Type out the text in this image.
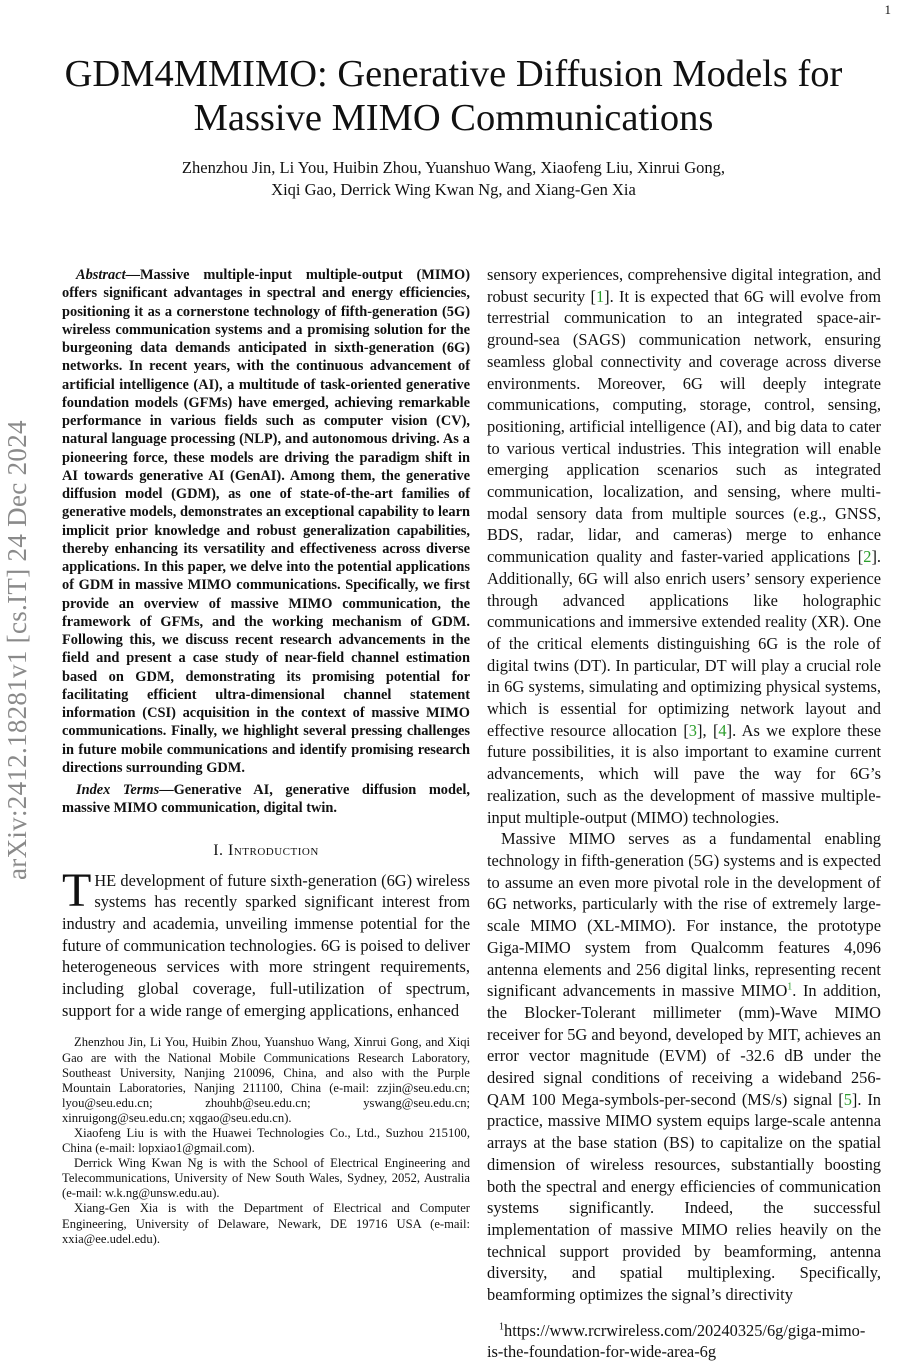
1
arXiv:2412.18281v1 [cs.IT] 24 Dec 2024
GDM4MMIMO: Generative Diffusion Models for Massive MIMO Communications
Zhenzhou Jin, Li You, Huibin Zhou, Yuanshuo Wang, Xiaofeng Liu, Xinrui Gong,
Xiqi Gao, Derrick Wing Kwan Ng, and Xiang-Gen Xia

Abstract—Massive multiple-input multiple-output (MIMO) offers significant advantages in spectral and energy efficiencies, positioning it as a cornerstone technology of fifth-generation (5G) wireless communication systems and a promising solution for the burgeoning data demands anticipated in sixth-generation (6G) networks. In recent years, with the continuous advancement of artificial intelligence (AI), a multitude of task-oriented generative foundation models (GFMs) have emerged, achieving remarkable performance in various fields such as computer vision (CV), natural language processing (NLP), and autonomous driving. As a pioneering force, these models are driving the paradigm shift in AI towards generative AI (GenAI). Among them, the generative diffusion model (GDM), as one of state-of-the-art families of generative models, demonstrates an exceptional capability to learn implicit prior knowledge and robust generalization capabilities, thereby enhancing its versatility and effectiveness across diverse applications. In this paper, we delve into the potential applications of GDM in massive MIMO communications. Specifically, we first provide an overview of massive MIMO communication, the framework of GFMs, and the working mechanism of GDM. Following this, we discuss recent research advancements in the field and present a case study of near-field channel estimation based on GDM, demonstrating its promising potential for facilitating efficient ultra-dimensional channel statement information (CSI) acquisition in the context of massive MIMO communications. Finally, we highlight several pressing challenges in future mobile communications and identify promising research directions surrounding GDM.

Index Terms—Generative AI, generative diffusion model, massive MIMO communication, digital twin.

I. Introduction

THE development of future sixth-generation (6G) wireless systems has recently sparked significant interest from industry and academia, unveiling immense potential for the future of communication technologies. 6G is poised to deliver heterogeneous services with more stringent requirements, including global coverage, full-utilization of spectrum, support for a wide range of emerging applications, enhanced

Zhenzhou Jin, Li You, Huibin Zhou, Yuanshuo Wang, Xinrui Gong, and Xiqi Gao are with the National Mobile Communications Research Laboratory, Southeast University, Nanjing 210096, China, and also with the Purple Mountain Laboratories, Nanjing 211100, China (e-mail: zzjin@seu.edu.cn; lyou@seu.edu.cn; zhouhb@seu.edu.cn; yswang@seu.edu.cn; xinruigong@seu.edu.cn; xqgao@seu.edu.cn).

Xiaofeng Liu is with the Huawei Technologies Co., Ltd., Suzhou 215100, China (e-mail: lopxiao1@gmail.com).

Derrick Wing Kwan Ng is with the School of Electrical Engineering and Telecommunications, University of New South Wales, Sydney, 2052, Australia (e-mail: w.k.ng@unsw.edu.au).

Xiang-Gen Xia is with the Department of Electrical and Computer Engineering, University of Delaware, Newark, DE 19716 USA (e-mail: xxia@ee.udel.edu).

sensory experiences, comprehensive digital integration, and robust security [1]. It is expected that 6G will evolve from terrestrial communication to an integrated space-air-ground-sea (SAGS) communication network, ensuring seamless global connectivity and coverage across diverse environments. Moreover, 6G will deeply integrate communications, computing, storage, control, sensing, positioning, artificial intelligence (AI), and big data to cater to various vertical industries. This integration will enable emerging application scenarios such as integrated communication, localization, and sensing, where multi-modal sensory data from multiple sources (e.g., GNSS, BDS, radar, lidar, and cameras) merge to enhance communication quality and faster-varied applications [2]. Additionally, 6G will also enrich users’ sensory experience through advanced applications like holographic communications and immersive extended reality (XR). One of the critical elements distinguishing 6G is the role of digital twins (DT). In particular, DT will play a crucial role in 6G systems, simulating and optimizing physical systems, which is essential for optimizing network layout and effective resource allocation [3], [4]. As we explore these future possibilities, it is also important to examine current advancements, which will pave the way for 6G’s realization, such as the development of massive multiple-input multiple-output (MIMO) technologies.

Massive MIMO serves as a fundamental enabling technology in fifth-generation (5G) systems and is expected to assume an even more pivotal role in the development of 6G networks, particularly with the rise of extremely large-scale MIMO (XL-MIMO). For instance, the prototype Giga-MIMO system from Qualcomm features 4,096 antenna elements and 256 digital links, representing recent significant advancements in massive MIMO$^1$. In addition, the Blocker-Tolerant millimeter (mm)-Wave MIMO receiver for 5G and beyond, developed by MIT, achieves an error vector magnitude (EVM) of -32.6 dB under the desired signal conditions of receiving a wideband 256-QAM 100 Mega-symbols-per-second (MS/s) signal [5]. In practice, massive MIMO system equips large-scale antenna arrays at the base station (BS) to capitalize on the spatial dimension of wireless resources, substantially boosting both the spectral and energy efficiencies of communication systems significantly. Indeed, the successful implementation of massive MIMO relies heavily on the technical support provided by beamforming, antenna diversity, and spatial multiplexing. Specifically, beamforming optimizes the signal’s directivity

$^1$https://www.rcrwireless.com/20240325/6g/giga-mimo-is-the-foundation-for-wide-area-6g
